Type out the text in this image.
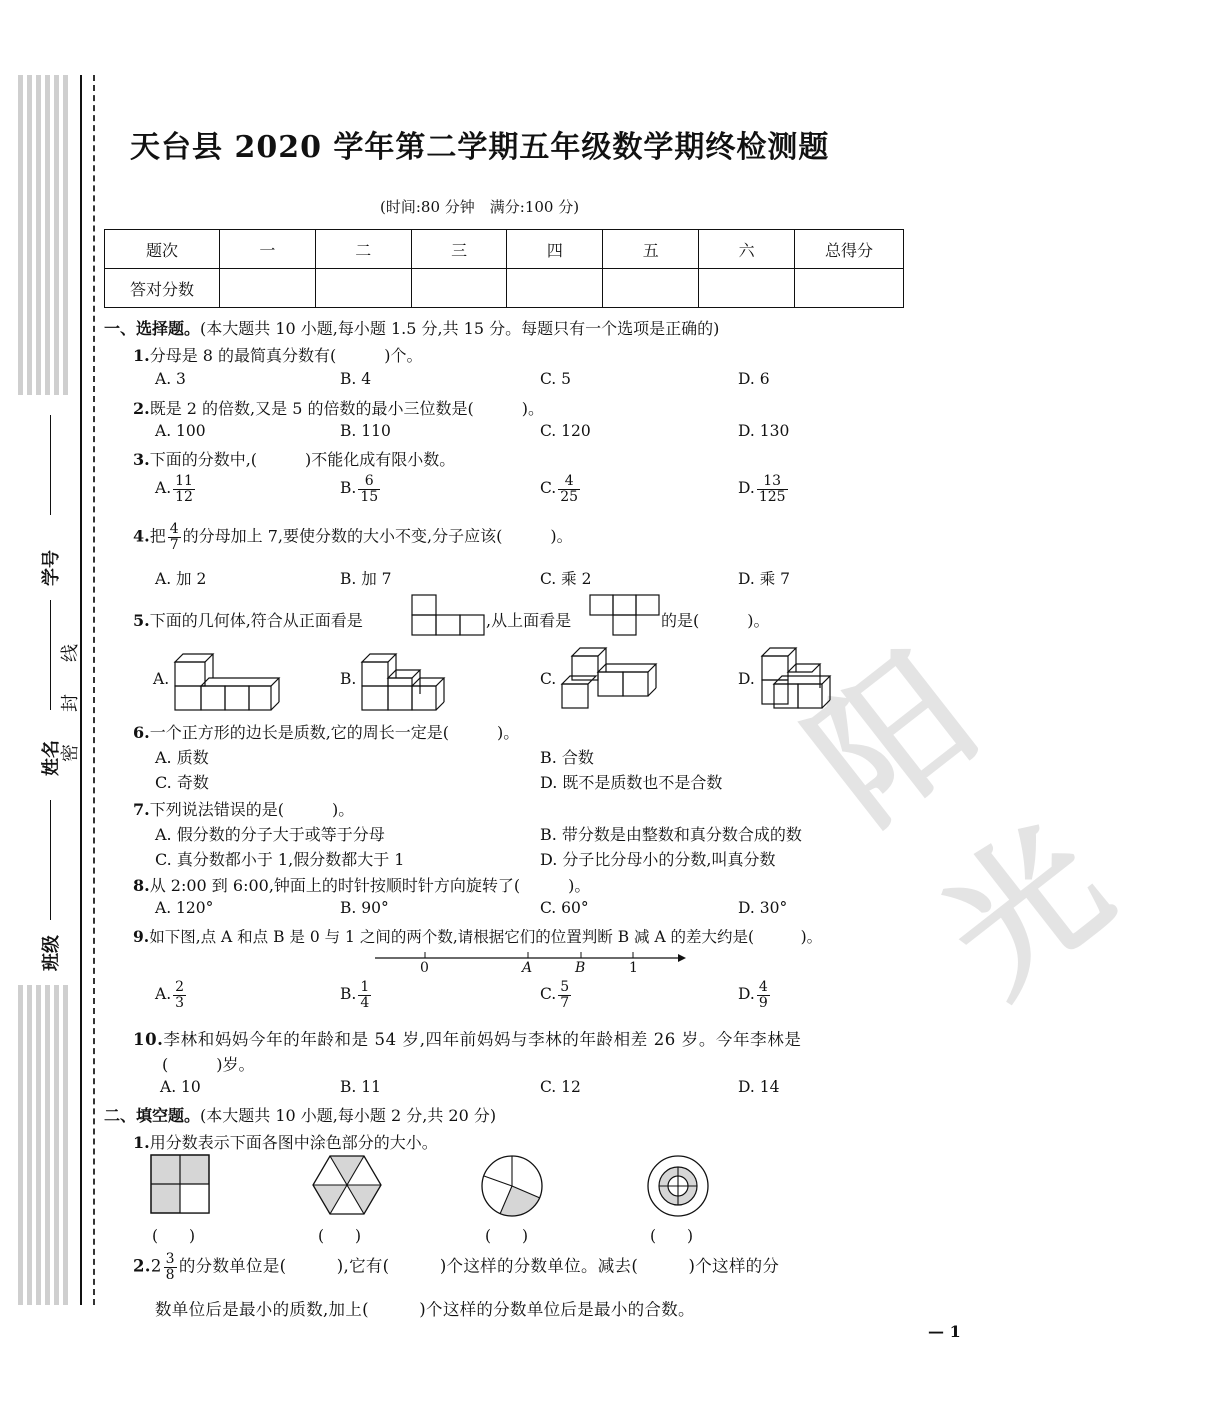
学号
姓名
班级
密
封
线	阳光
天台县 2020 学年第二学期五年级数学期终检测题
(时间:80 分钟　满分:100 分)
题次	一	二	三	四	五	六	总得分
答对分数							
一、选择题。(本大题共 10 小题,每小题 1.5 分,共 15 分。每题只有一个选项是正确的)
1.分母是 8 的最简真分数有(　　　)个。
A. 3	B. 4	C. 5	D. 6
2.既是 2 的倍数,又是 5 的倍数的最小三位数是(　　　)。
A. 100	B. 110	C. 120	D. 130
3.下面的分数中,(　　　)不能化成有限小数。
A. $\frac{11}{12}$	B. $\frac{6}{15}$	C. $\frac{4}{25}$	D. $\frac{13}{125}$
4.把 $\frac{4}{7}$ 的分母加上 7,要使分数的大小不变,分子应该(　　　)。
A. 加 2	B. 加 7	C. 乘 2	D. 乘 7
5.下面的几何体,符合从正面看是	,从上面看是	的是(　　　)。
A.	B.	C.	D.
6.一个正方形的边长是质数,它的周长一定是(　　　)。
A. 质数	B. 合数
C. 奇数	D. 既不是质数也不是合数
7.下列说法错误的是(　　　)。
A. 假分数的分子大于或等于分母	B. 带分数是由整数和真分数合成的数
C. 真分数都小于 1,假分数都大于 1	D. 分子比分母小的分数,叫真分数
8.从 2:00 到 6:00,钟面上的时针按顺时针方向旋转了(　　　)。
A. 120°	B. 90°	C. 60°	D. 30°
9.如下图,点 A 和点 B 是 0 与 1 之间的两个数,请根据它们的位置判断 B 减 A 的差大约是(　　　)。
0	A	B	1
A. $\frac{2}{3}$	B. $\frac{1}{4}$	C. $\frac{5}{7}$	D. $\frac{4}{9}$
10.李林和妈妈今年的年龄和是 54 岁,四年前妈妈与李林的年龄相差 26 岁。今年李林是
(　　　)岁。
A. 10	B. 11	C. 12	D. 14
二、填空题。(本大题共 10 小题,每小题 2 分,共 20 分)
1.用分数表示下面各图中涂色部分的大小。
(　　)	(　　)	(　　)	(　　)
$2.2 \frac{3}{8}$ 的分数单位是(　　　),它有(　　　)个这样的分数单位。减去(　　　)个这样的分
数单位后是最小的质数,加上(　　　)个这样的分数单位后是最小的合数。
— 1
